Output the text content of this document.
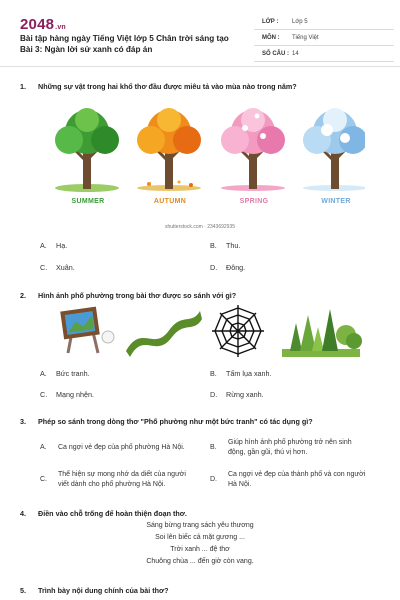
2048.vn
Bài tập hàng ngày Tiếng Việt lớp 5 Chân trời sáng tạo Bài 3: Ngàn lời sử xanh có đáp án
LỚP : Lớp 5
MÔN : Tiếng Việt
SỐ CÂU : 14
1. Những sự vật trong hai khổ thơ đầu được miêu tả vào mùa nào trong năm?
SUMMER	AUTUMN	SPRING	WINTER
shutterstock.com · 2343692935
A. Hạ.	B. Thu.
C. Xuân.	D. Đông.
2. Hình ảnh phố phường trong bài thơ được so sánh với gì?
A. Bức tranh.	B. Tấm lụa xanh.
C. Mạng nhện.	D. Rừng xanh.
3. Phép so sánh trong dòng thơ "Phố phường như một bức tranh" có tác dụng gì?
A. Ca ngợi vẻ đẹp của phố phường Hà Nội.	B.
Giúp hình ảnh phố phường trở nên sinh động, gần gũi, thú vị hơn.
C.
Thể hiện sự mong nhớ da diết của người viết dành cho phố phường Hà Nội.
D.
Ca ngợi vẻ đẹp của thành phố và con người Hà Nội.
4. Điền vào chỗ trống để hoàn thiện đoạn thơ.
Sáng bừng trang sách yêu thương
Soi lên biếc cả mặt gương ...
Trời xanh ... đệ thơ
Chuông chùa ... đến giờ còn vang.
5. Trình bày nội dung chính của bài thơ?
